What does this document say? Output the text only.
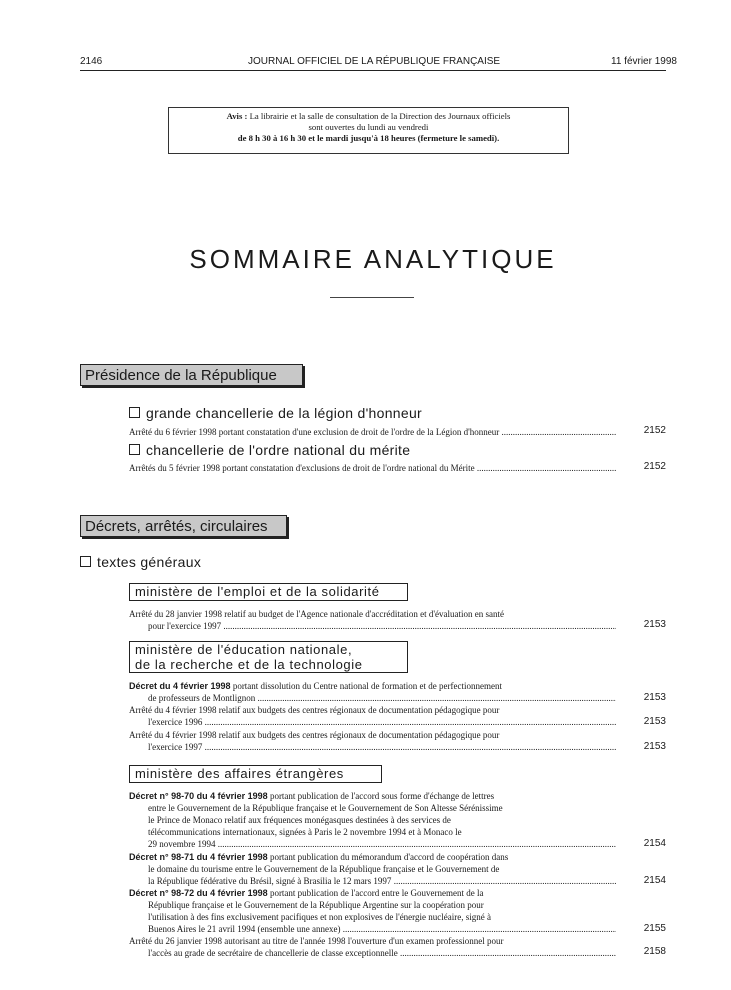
2146	JOURNAL OFFICIEL DE LA RÉPUBLIQUE FRANÇAISE	11 février 1998
Avis : La librairie et la salle de consultation de la Direction des Journaux officiels
sont ouvertes du lundi au vendredi
de 8 h 30 à 16 h 30 et le mardi jusqu'à 18 heures (fermeture le samedi).
SOMMAIRE ANALYTIQUE
Présidence de la République
grande chancellerie de la légion d'honneur
Arrêté du 6 février 1998 portant constatation d'une exclusion de droit de l'ordre de la Légion d'honneur .....	2152
chancellerie de l'ordre national du mérite
Arrêtés du 5 février 1998 portant constatation d'exclusions de droit de l'ordre national du Mérite .....	2152
Décrets, arrêtés, circulaires
textes généraux
ministère de l'emploi et de la solidarité
Arrêté du 28 janvier 1998 relatif au budget de l'Agence nationale d'accréditation et d'évaluation en santé
pour l'exercice 1997 .....	2153
ministère de l'éducation nationale,
de la recherche et de la technologie
Décret du 4 février 1998 portant dissolution du Centre national de formation et de perfectionnement
de professeurs de Montlignon .....	2153
Arrêté du 4 février 1998 relatif aux budgets des centres régionaux de documentation pédagogique pour
l'exercice 1996 .....	2153
Arrêté du 4 février 1998 relatif aux budgets des centres régionaux de documentation pédagogique pour
l'exercice 1997 .....	2153
ministère des affaires étrangères
Décret n° 98-70 du 4 février 1998 portant publication de l'accord sous forme d'échange de lettres
entre le Gouvernement de la République française et le Gouvernement de Son Altesse Sérénissime
le Prince de Monaco relatif aux fréquences monégasques destinées à des services de
télécommunications internationaux, signées à Paris le 2 novembre 1994 et à Monaco le
29 novembre 1994 .....	2154
Décret n° 98-71 du 4 février 1998 portant publication du mémorandum d'accord de coopération dans
le domaine du tourisme entre le Gouvernement de la République française et le Gouvernement de
la République fédérative du Brésil, signé à Brasilia le 12 mars 1997 .....	2154
Décret n° 98-72 du 4 février 1998 portant publication de l'accord entre le Gouvernement de la
République française et le Gouvernement de la République Argentine sur la coopération pour
l'utilisation à des fins exclusivement pacifiques et non explosives de l'énergie nucléaire, signé à
Buenos Aires le 21 avril 1994 (ensemble une annexe) .....	2155
Arrêté du 26 janvier 1998 autorisant au titre de l'année 1998 l'ouverture d'un examen professionnel pour
l'accès au grade de secrétaire de chancellerie de classe exceptionnelle .....	2158
